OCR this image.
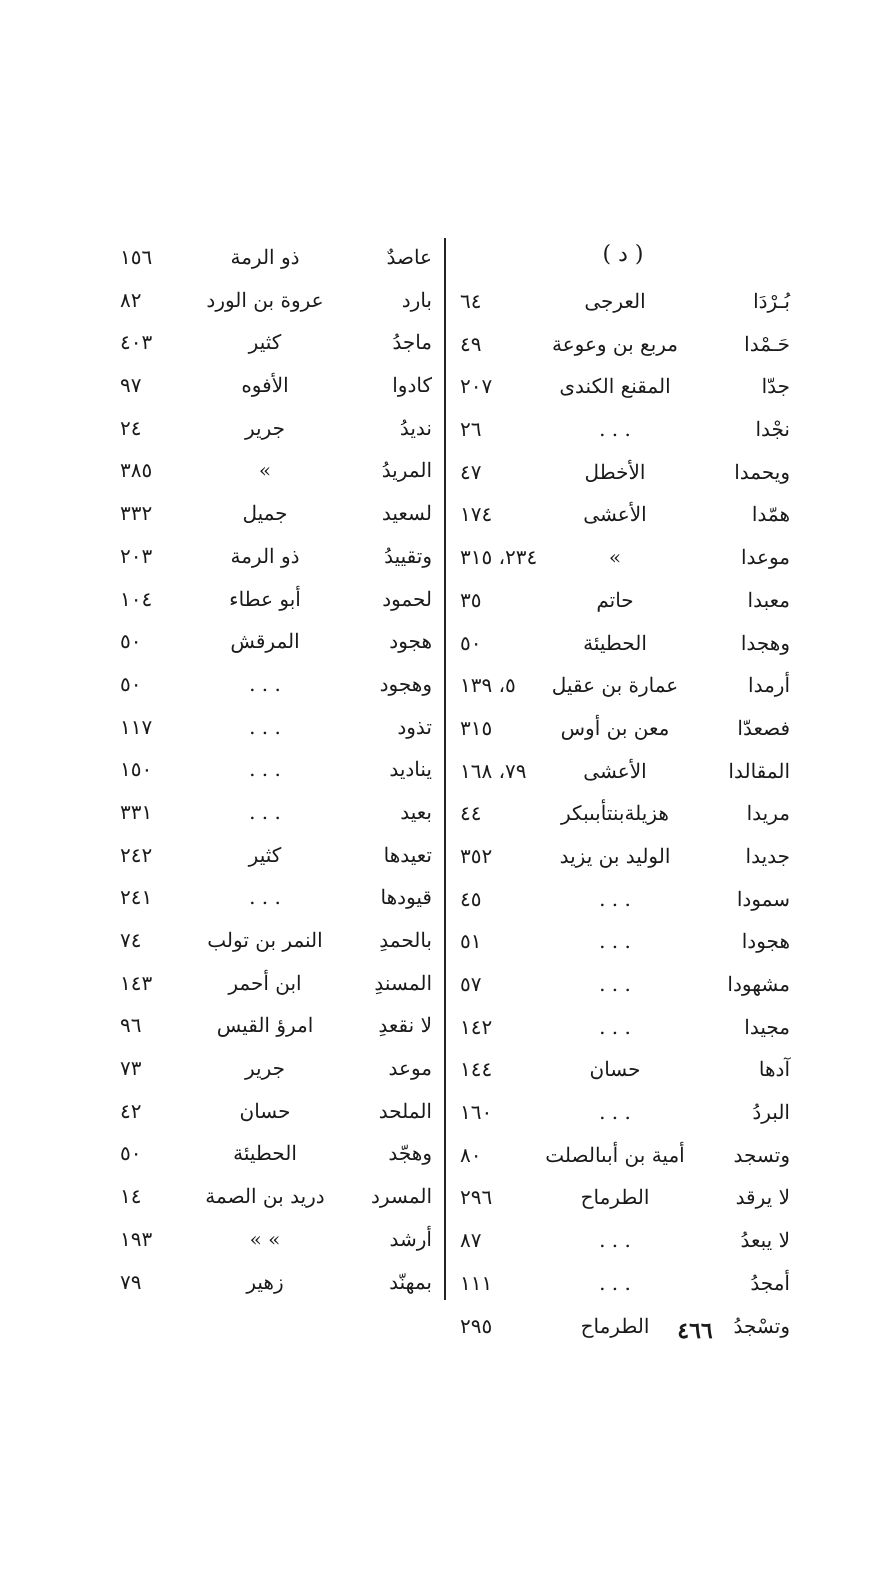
( د )
بُـرْدَا
العرجى
٦٤
حَـمْدا
مربع بن وعوعة
٤٩
جدّا
المقنع الكندى
٢٠٧
نجْدا
. . .
٢٦
ويحمدا
الأخطل
٤٧
همّدا
الأعشى
١٧٤
موعدا
»
٢٣٤، ٣١٥
معبدا
حاتم
٣٥
وهجدا
الحطيئة
٥٠
أرمدا
عمارة بن عقيل
٥، ١٣٩
فصعدّا
معن بن أوس
٣١٥
المقالدا
الأعشى
٧٩، ١٦٨
مريدا
هزيلةبنتأبىبكر
٤٤
جديدا
الوليد بن يزيد
٣٥٢
سمودا
. . .
٤٥
هجودا
. . .
٥١
مشهودا
. . .
٥٧
مجيدا
. . .
١٤٢
آدها
حسان
١٤٤
البردُ
. . .
١٦٠
وتسجد
أمية بن أبىالصلت
٨٠
لا يرقد
الطرماح
٢٩٦
لا يبعدُ
. . .
٨٧
أمجدُ
. . .
١١١
وتسْجدُ
الطرماح
٢٩٥
عاصدٌ
ذو الرمة
١٥٦
بارد
عروة بن الورد
٨٢
ماجدُ
كثير
٤٠٣
كادوا
الأفوه
٩٧
نديدُ
جرير
٢٤
المريدُ
»
٣٨٥
لسعيد
جميل
٣٣٢
وتقييدُ
ذو الرمة
٢٠٣
لحمود
أبو عطاء
١٠٤
هجود
المرقش
٥٠
وهجود
. . .
٥٠
تذود
. . .
١١٧
يناديد
. . .
١٥٠
بعيد
. . .
٣٣١
تعيدها
كثير
٢٤٢
قيودها
. . .
٢٤١
بالحمدِ
النمر بن تولب
٧٤
المسندِ
ابن أحمر
١٤٣
لا نقعدِ
امرؤ القيس
٩٦
موعد
جرير
٧٣
الملحد
حسان
٤٢
وهجّد
الحطيئة
٥٠
المسرد
دريد بن الصمة
١٤
أرشد
» »
١٩٣
بمهنّد
زهير
٧٩
٤٦٦
